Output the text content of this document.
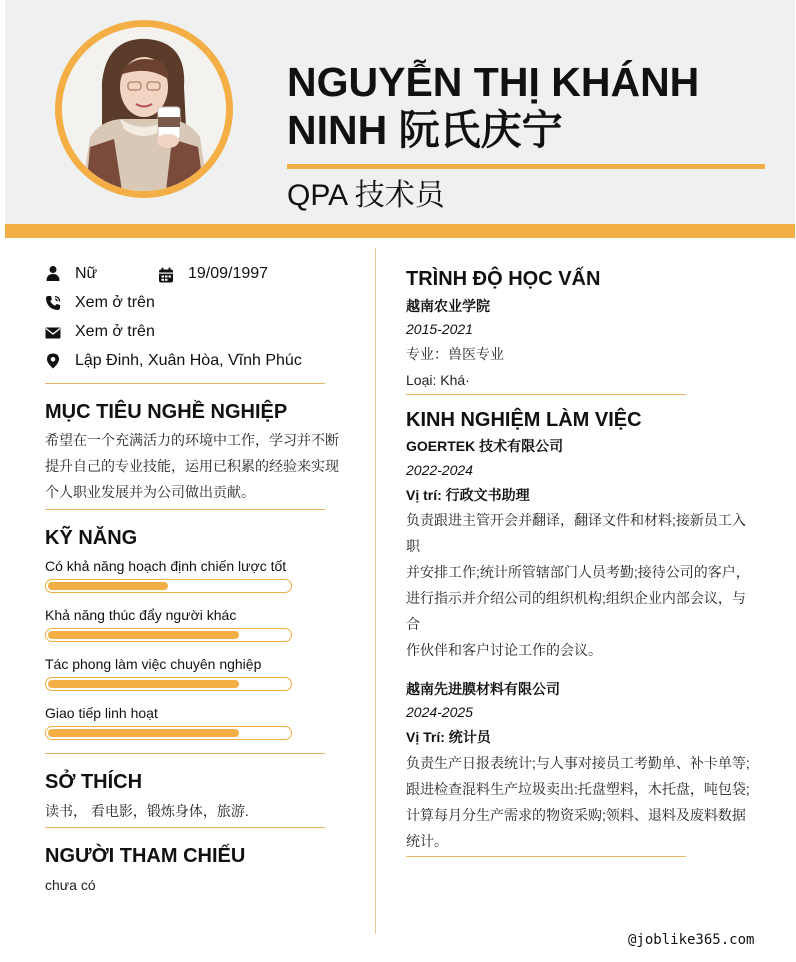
NGUYỄN THỊ KHÁNH NINH 阮氏庆宁
QPA 技术员
Nữ	19/09/1997
Xem ở trên
Xem ở trên
Lập Đinh, Xuân Hòa, Vĩnh Phúc
MỤC TIÊU NGHỀ NGHIỆP
希望在一个充满活力的环境中工作，学习并不断
提升自己的专业技能，运用已积累的经验来实现
个人职业发展并为公司做出贡献。
KỸ NĂNG
Có khả năng hoạch định chiến lược tốt
Khả năng thúc đẩy người khác
Tác phong làm việc chuyên nghiệp
Giao tiếp linh hoạt
SỞ THÍCH
读书， 看电影，锻炼身体，旅游.
NGƯỜI THAM CHIẾU
chưa có
TRÌNH ĐỘ HỌC VẤN
越南农业学院
2015-2021
专业：兽医专业
Loại: Khá·
KINH NGHIỆM LÀM VIỆC
GOERTEK 技术有限公司
2022-2024
Vị trí: 行政文书助理
负责跟进主管开会并翻译，翻译文件和材料;接新员工入
职
并安排工作;统计所管辖部门人员考勤;接待公司的客户，
进行指示并介绍公司的组织机构;组织企业内部会议，与
合
作伙伴和客户讨论工作的会议。
越南先进膜材料有限公司
2024-2025
Vị Trí: 统计员
负责生产日报表统计;与人事对接员工考勤单、补卡单等;
跟进检查混料生产垃圾卖出:托盘塑料，木托盘，吨包袋;
计算每月分生产需求的物资采购;领料、退料及废料数据
统计。
@joblike365.com
